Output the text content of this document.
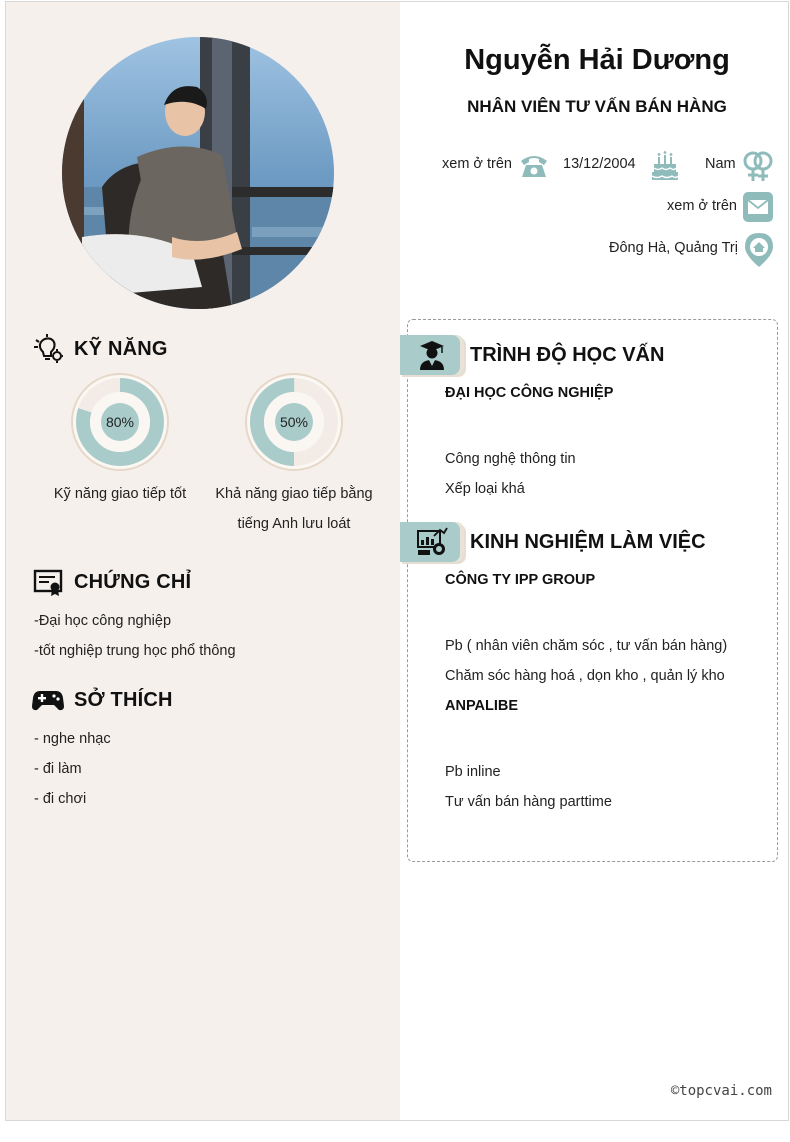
KỸ NĂNG
80%	50%
Kỹ năng giao tiếp tốt	Khả năng giao tiếp bằng
tiếng Anh lưu loát
CHỨNG CHỈ
-Đại học công nghiệp
-tốt nghiệp trung học phổ thông
SỞ THÍCH
- nghe nhạc
- đi làm
- đi chơi
Nguyễn Hải Dương
NHÂN VIÊN TƯ VẤN BÁN HÀNG
xem ở trên	13/12/2004	Nam
xem ở trên
Đông Hà, Quảng Trị
TRÌNH ĐỘ HỌC VẤN
ĐẠI HỌC CÔNG NGHIỆP
Công nghệ thông tin
Xếp loại khá
KINH NGHIỆM LÀM VIỆC
CÔNG TY IPP GROUP
Pb ( nhân viên chăm sóc , tư vấn bán hàng)
Chăm sóc hàng hoá , dọn kho , quản lý kho
ANPALIBE
Pb inline
Tư vấn bán hàng parttime
©topcvai.com
